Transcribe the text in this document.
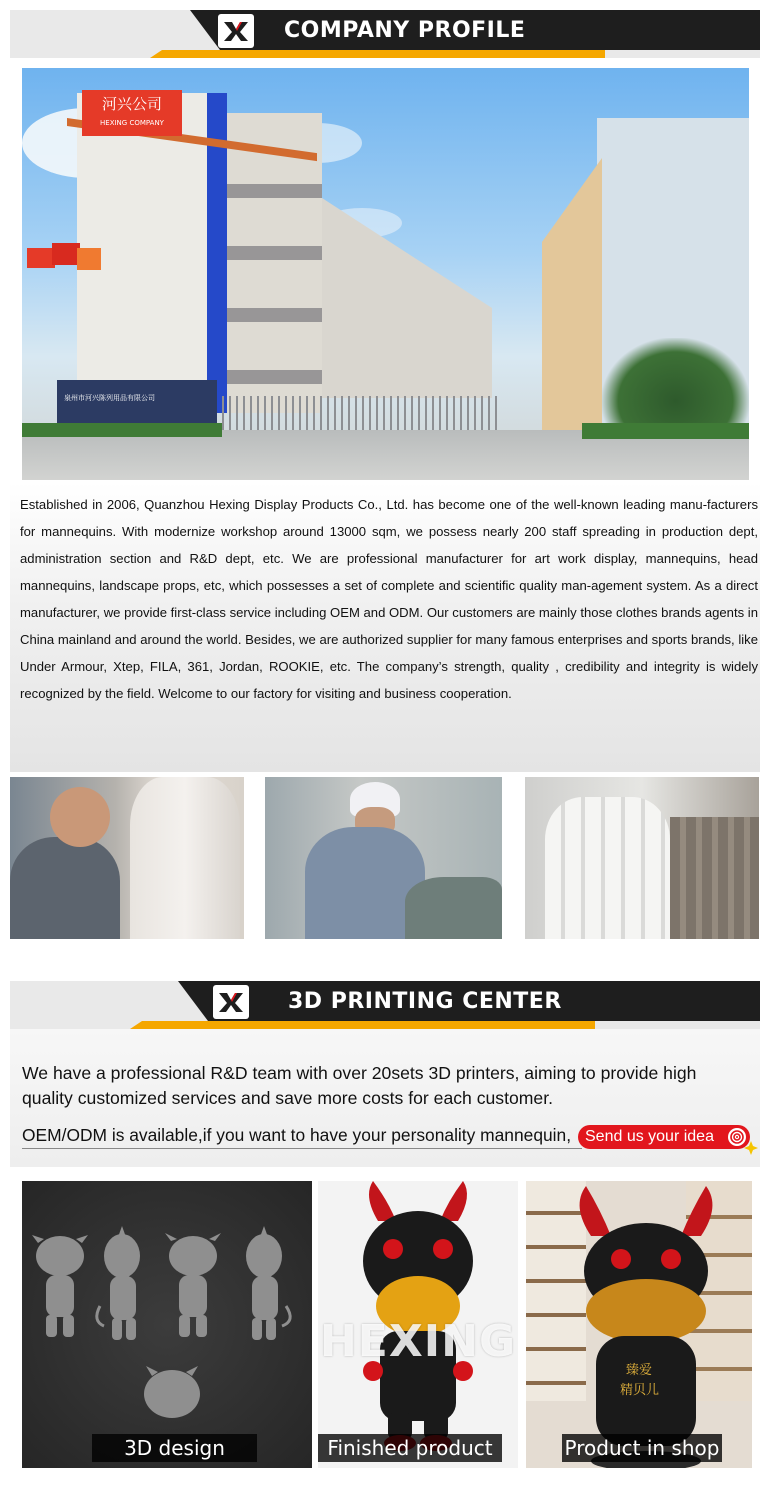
COMPANY PROFILE
河兴公司
HEXING COMPANY
泉州市河兴陈列用品有限公司

Established in 2006, Quanzhou Hexing Display Products Co., Ltd. has become one of the well-known leading manu-facturers for mannequins. With modernize workshop around 13000 sqm, we possess nearly 200 staff spreading in production dept, administration section and R&D dept, etc. We are professional manufacturer for art work display, mannequins, head mannequins, landscape props, etc, which possesses a set of complete and scientific quality man-agement system. As a direct manufacturer, we provide first-class service including OEM and ODM. Our customers are mainly those clothes brands agents in China mainland and around the world. Besides, we are authorized supplier for many famous enterprises and sports brands, like Under Armour, Xtep, FILA, 361, Jordan, ROOKIE, etc. The company’s strength, quality , credibility and integrity is widely recognized by the field. Welcome to our factory for visiting and business cooperation.

3D PRINTING CENTER

We have a professional R&D team with over 20sets 3D printers, aiming to provide high quality customized services and save more costs for each customer.

OEM/ODM is available,if you want to have your personality mannequin, Send us your idea
3D design
HEXING
Finished product
臻爱
精贝儿
Product in shop
